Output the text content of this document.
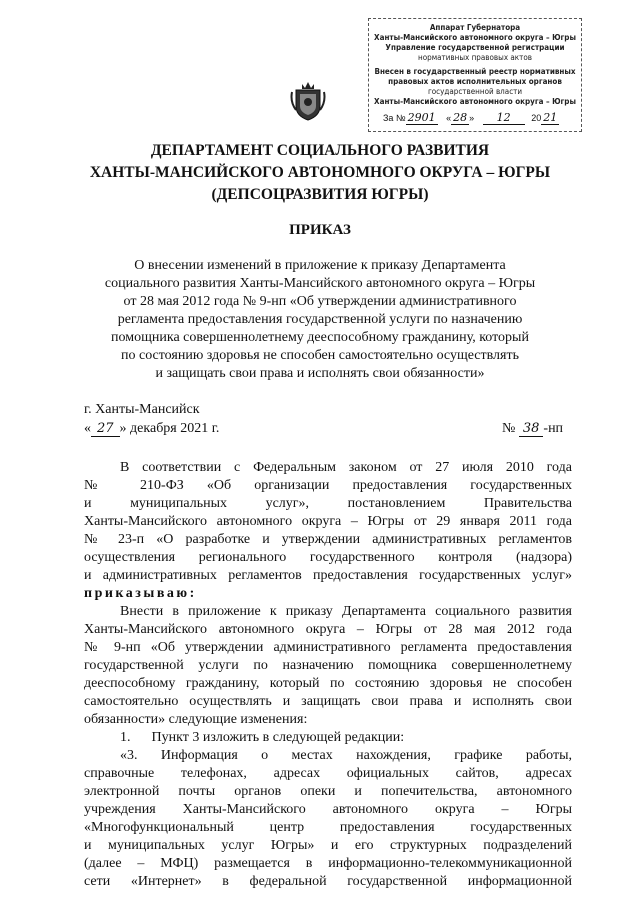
Аппарат Губернатора
Ханты-Мансийского автономного округа – Югры
Управление государственной регистрации
нормативных правовых актов
Внесен в государственный реестр нормативных
правовых актов исполнительных органов
государственной власти
Ханты-Мансийского автономного округа – Югры
За № 2901 « 28 » 12 20 21
ДЕПАРТАМЕНТ СОЦИАЛЬНОГО РАЗВИТИЯ
ХАНТЫ-МАНСИЙСКОГО АВТОНОМНОГО ОКРУГА – ЮГРЫ
(ДЕПСОЦРАЗВИТИЯ ЮГРЫ)
ПРИКАЗ
О внесении изменений в приложение к приказу Департамента
социального развития Ханты-Мансийского автономного округа – Югры
от 28 мая 2012 года № 9-нп «Об утверждении административного
регламента предоставления государственной услуги по назначению
помощника совершеннолетнему дееспособному гражданину, который
по состоянию здоровья не способен самостоятельно осуществлять
и защищать свои права и исполнять свои обязанности»
г. Ханты-Мансийск
« 27 » декабря 2021 г.	№ 38 -нп
В соответствии с Федеральным законом от 27 июля 2010 года
№ 210-ФЗ «Об организации предоставления государственных
и муниципальных услуг», постановлением Правительства
Ханты-Мансийского автономного округа – Югры от 29 января 2011 года
№ 23-п «О разработке и утверждении административных регламентов
осуществления регионального государственного контроля (надзора)
и административных регламентов предоставления государственных услуг»
приказываю:
Внести в приложение к приказу Департамента социального развития
Ханты-Мансийского автономного округа – Югры от 28 мая 2012 года
№ 9-нп «Об утверждении административного регламента предоставления
государственной услуги по назначению помощника совершеннолетнему
дееспособному гражданину, который по состоянию здоровья не способен
самостоятельно осуществлять и защищать свои права и исполнять свои
обязанности» следующие изменения:
1.      Пункт 3 изложить в следующей редакции:
«3. Информация о местах нахождения, графике работы,
справочные телефонах, адресах официальных сайтов, адресах
электронной почты органов опеки и попечительства, автономного
учреждения Ханты-Мансийского автономного округа – Югры
«Многофункциональный центр предоставления государственных
и муниципальных услуг Югры» и его структурных подразделений
(далее – МФЦ) размещается в информационно-телекоммуникационной
сети «Интернет» в федеральной государственной информационной
